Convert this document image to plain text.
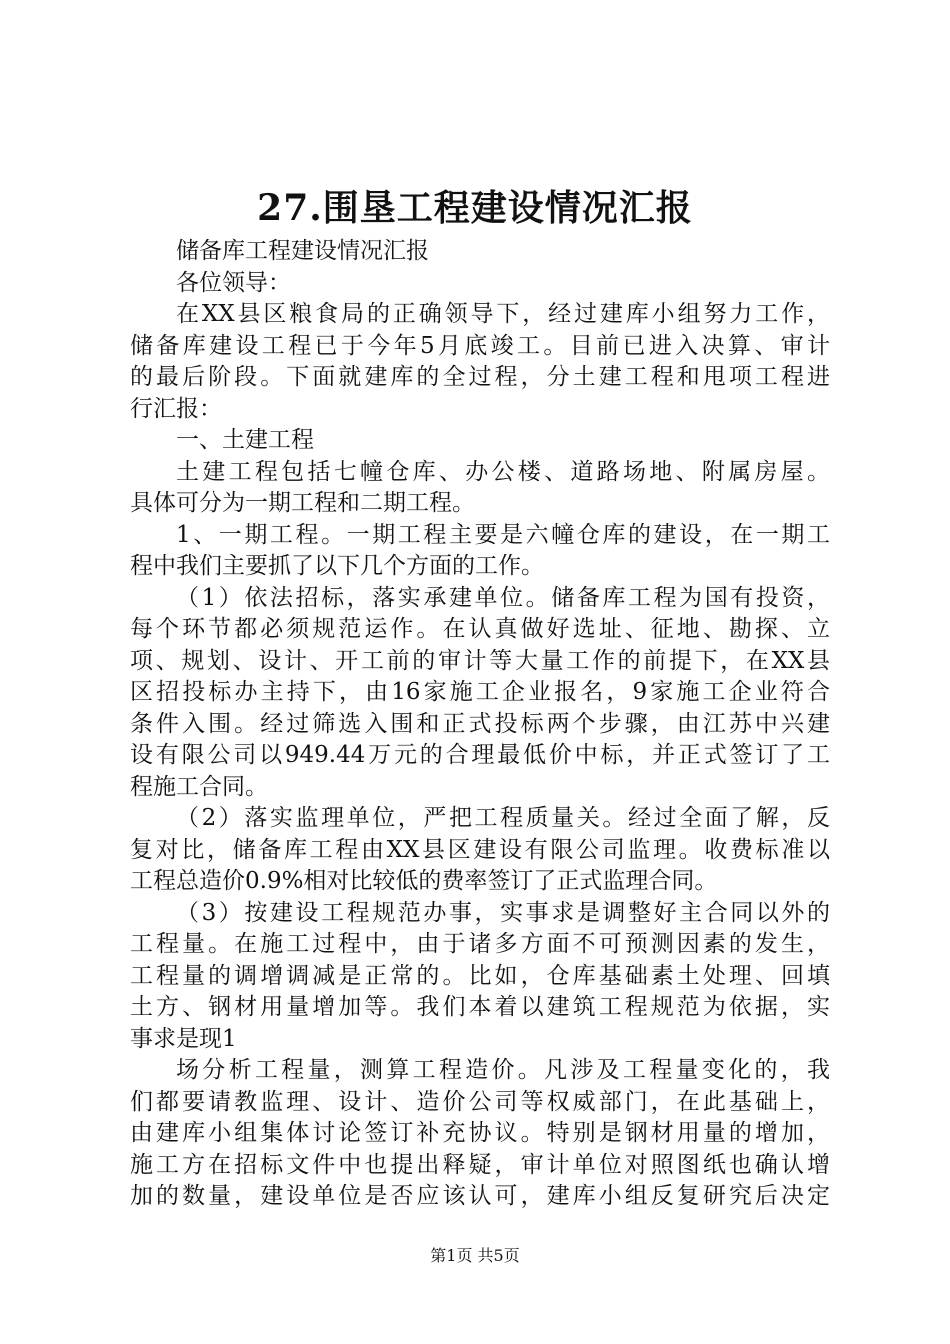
27.围垦工程建设情况汇报
储备库工程建设情况汇报
各位领导：
在XX县区粮食局的正确领导下，经过建库小组努力工作，
储备库建设工程已于今年5月底竣工。目前已进入决算、审计
的最后阶段。下面就建库的全过程，分土建工程和甩项工程进
行汇报：
一、土建工程
土建工程包括七幢仓库、办公楼、道路场地、附属房屋。
具体可分为一期工程和二期工程。
1、一期工程。一期工程主要是六幢仓库的建设，在一期工
程中我们主要抓了以下几个方面的工作。
（1）依法招标，落实承建单位。储备库工程为国有投资，
每个环节都必须规范运作。在认真做好选址、征地、勘探、立
项、规划、设计、开工前的审计等大量工作的前提下，在XX县
区招投标办主持下，由16家施工企业报名，9家施工企业符合
条件入围。经过筛选入围和正式投标两个步骤，由江苏中兴建
设有限公司以949.44万元的合理最低价中标，并正式签订了工
程施工合同。
（2）落实监理单位，严把工程质量关。经过全面了解，反
复对比，储备库工程由XX县区建设有限公司监理。收费标准以
工程总造价0.9%相对比较低的费率签订了正式监理合同。
（3）按建设工程规范办事，实事求是调整好主合同以外的
工程量。在施工过程中，由于诸多方面不可预测因素的发生，
工程量的调增调减是正常的。比如，仓库基础素土处理、回填
土方、钢材用量增加等。我们本着以建筑工程规范为依据，实
事求是现1
场分析工程量，测算工程造价。凡涉及工程量变化的，我
们都要请教监理、设计、造价公司等权威部门，在此基础上，
由建库小组集体讨论签订补充协议。特别是钢材用量的增加，
施工方在招标文件中也提出释疑，审计单位对照图纸也确认增
加的数量，建设单位是否应该认可，建库小组反复研究后决定
第1页 共5页
